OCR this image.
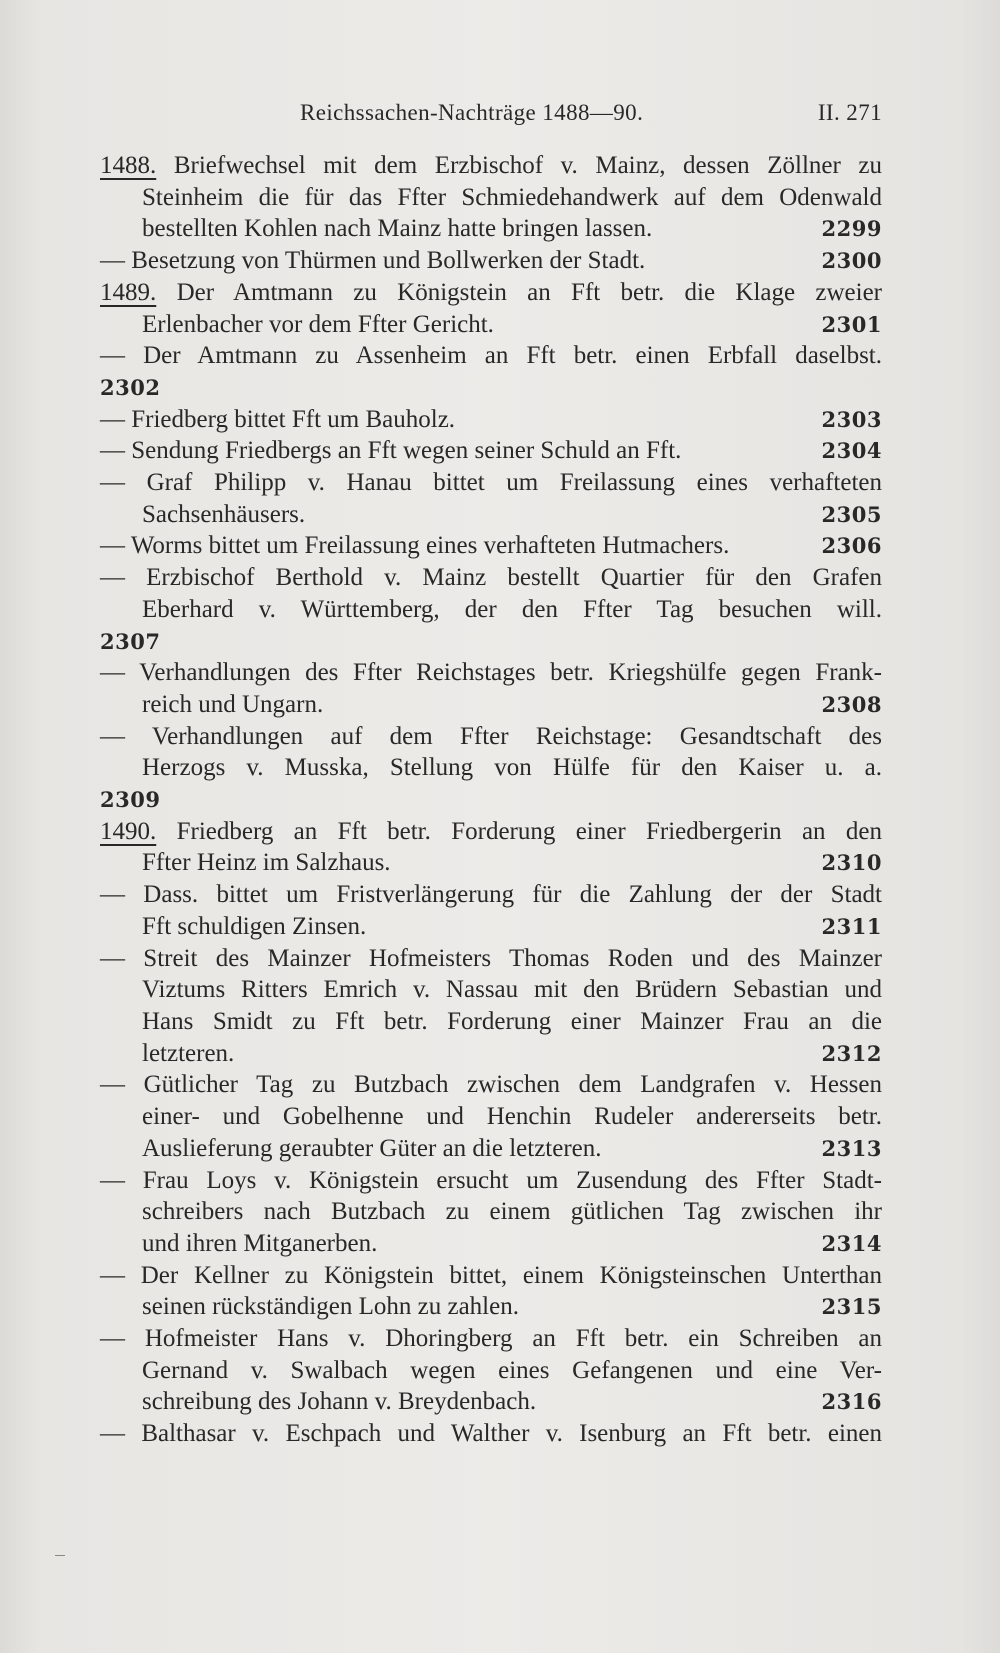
Reichssachen-Nachträge 1488—90.	II. 271
1488. Briefwechsel mit dem Erzbischof v. Mainz, dessen Zöllner zu
Steinheim die für das Ffter Schmiedehandwerk auf dem Odenwald
bestellten Kohlen nach Mainz hatte bringen lassen.	2299
— Besetzung von Thürmen und Bollwerken der Stadt.	2300
1489. Der Amtmann zu Königstein an Fft betr. die Klage zweier
Erlenbacher vor dem Ffter Gericht.	2301
— Der Amtmann zu Assenheim an Fft betr. einen Erbfall daselbst.
2302
— Friedberg bittet Fft um Bauholz.	2303
— Sendung Friedbergs an Fft wegen seiner Schuld an Fft.	2304
— Graf Philipp v. Hanau bittet um Freilassung eines verhafteten
Sachsenhäusers.	2305
— Worms bittet um Freilassung eines verhafteten Hutmachers.	2306
— Erzbischof Berthold v. Mainz bestellt Quartier für den Grafen
Eberhard v. Württemberg, der den Ffter Tag besuchen will.
2307
— Verhandlungen des Ffter Reichstages betr. Kriegshülfe gegen Frank-
reich und Ungarn.	2308
— Verhandlungen auf dem Ffter Reichstage: Gesandtschaft des
Herzogs v. Musska, Stellung von Hülfe für den Kaiser u. a.
2309
1490. Friedberg an Fft betr. Forderung einer Friedbergerin an den
Ffter Heinz im Salzhaus.	2310
— Dass. bittet um Fristverlängerung für die Zahlung der der Stadt
Fft schuldigen Zinsen.	2311
— Streit des Mainzer Hofmeisters Thomas Roden und des Mainzer
Viztums Ritters Emrich v. Nassau mit den Brüdern Sebastian und
Hans Smidt zu Fft betr. Forderung einer Mainzer Frau an die
letzteren.	2312
— Gütlicher Tag zu Butzbach zwischen dem Landgrafen v. Hessen
einer- und Gobelhenne und Henchin Rudeler andererseits betr.
Auslieferung geraubter Güter an die letzteren.	2313
— Frau Loys v. Königstein ersucht um Zusendung des Ffter Stadt-
schreibers nach Butzbach zu einem gütlichen Tag zwischen ihr
und ihren Mitganerben.	2314
— Der Kellner zu Königstein bittet, einem Königsteinschen Unterthan
seinen rückständigen Lohn zu zahlen.	2315
— Hofmeister Hans v. Dhoringberg an Fft betr. ein Schreiben an
Gernand v. Swalbach wegen eines Gefangenen und eine Ver-
schreibung des Johann v. Breydenbach.	2316
— Balthasar v. Eschpach und Walther v. Isenburg an Fft betr. einen
